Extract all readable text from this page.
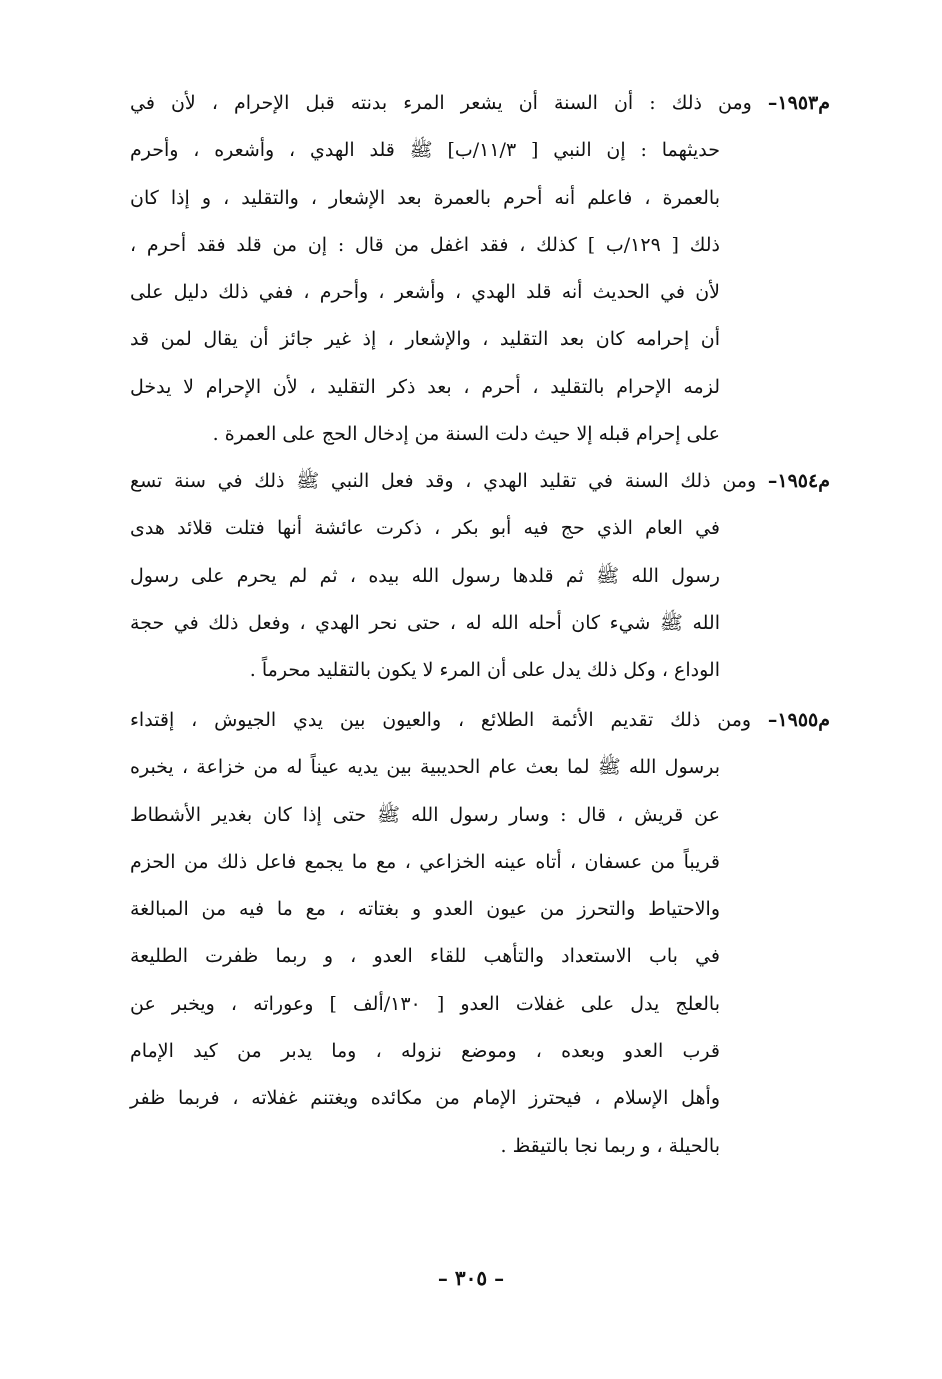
م١٩٥٣– ومن ذلك : أن السنة أن يشعر المرء بدنته قبل الإحرام ، لأن في
حديثهما : إن النبي [ ١١/٣/ب] ﷺ قلد الهدي ، وأشعره ، وأحرم
بالعمرة ، فاعلم أنه أحرم بالعمرة بعد الإشعار ، والتقليد ، و إذا كان
ذلك [ ١٢٩/ب ] كذلك ، فقد اغفل من قال : إن من قلد فقد أحرم ،
لأن في الحديث أنه قلد الهدي ، وأشعر ، وأحرم ، ففي ذلك دليل على
أن إحرامه كان بعد التقليد ، والإشعار ، إذ غير جائز أن يقال لمن قد
لزمه الإحرام بالتقليد ، أحرم ، بعد ذكر التقليد ، لأن الإحرام لا يدخل
على إحرام قبله إلا حيث دلت السنة من إدخال الحج على العمرة .
م١٩٥٤– ومن ذلك السنة في تقليد الهدي ، وقد فعل النبي ﷺ ذلك في سنة تسع
في العام الذي حج فيه أبو بكر ، ذكرت عائشة أنها فتلت قلائد هدى
رسول الله ﷺ ثم قلدها رسول الله بيده ، ثم لم يحرم على رسول
الله ﷺ شيء كان أحله الله له ، حتى نحر الهدي ، وفعل ذلك في حجة
الوداع ، وكل ذلك يدل على أن المرء لا يكون بالتقليد محرماً .
م١٩٥٥– ومن ذلك تقديم الأئمة الطلائع ، والعيون بين يدي الجيوش ، إقتداء
برسول الله ﷺ لما بعث عام الحديبية بين يديه عيناً له من خزاعة ، يخبره
عن قريش ، قال : وسار رسول الله ﷺ حتى إذا كان بغدير الأشطاط
قريباً من عسفان ، أتاه عينه الخزاعي ، مع ما يجمع فاعل ذلك من الحزم
والاحتياط والتحرز من عيون العدو و بغتاته ، مع ما فيه من المبالغة
في باب الاستعداد والتأهب للقاء العدو ، و ربما ظفرت الطليعة
بالعلج يدل على غفلات العدو [ ١٣٠/ألف ] وعوراته ، ويخبر عن
قرب العدو وبعده ، وموضع نزوله ، وما يدبر من كيد الإمام
وأهل الإسلام ، فيحترز الإمام من مكائده ويغتنم غفلاته ، فربما ظفر
بالحيلة ، و ربما نجا بالتيقظ .
– ٣٠٥ –
